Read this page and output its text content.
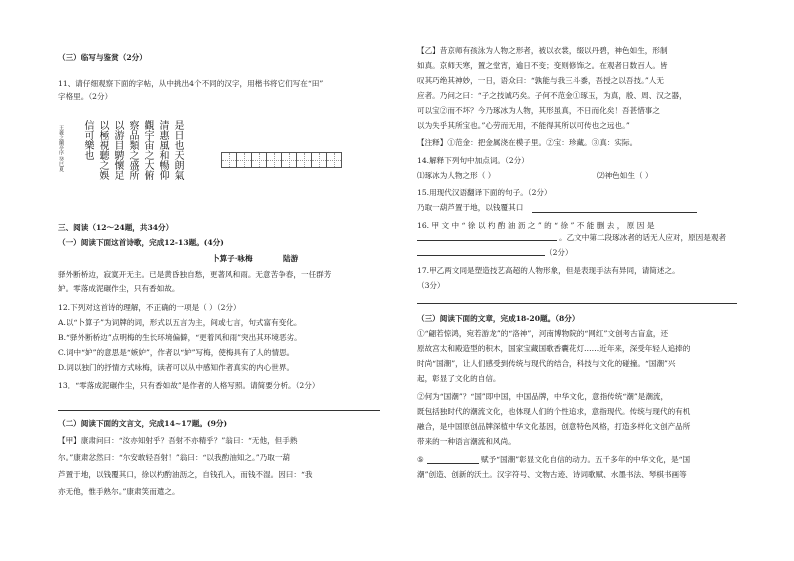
（三）临写与鉴赏（2分）
11、请仔细观察下面的字帖，从中挑出4个不同的汉字，用楷书将它们写在“田”
字格里。（2分）
是日也天朗氣
清惠風和暢仰
觀宇宙之大俯
察品類之盛所
以游目騁懷足
以極視聽之娛
信可樂也
王羲之蘭亭序 癸巳夏
三、阅读（12～24题，共34分）
（一）阅读下面这首诗歌，完成12-13题。(4分)
卜算子·咏梅	陆游
驿外断桥边，寂寞开无主。已是黄昏独自愁，更著风和雨。无意苦争春，一任群芳
妒。零落成泥碾作尘，只有香如故。
12.下列对这首诗的理解，不正确的一项是（ ）（2分）
A.以“卜算子”为词牌的词，形式以五言为主，间或七言，句式富有变化。
B.“驿外断桥边”点明梅的生长环境偏僻，“更着风和雨”突出其环境恶劣。
C.词中“妒”的意思是“嫉妒”，作者以“妒”写梅，使梅具有了人的情思。
D.词以独门的抒情方式咏梅，读者可以从中感知作者真实的内心世界。
13．“零落成泥碾作尘，只有香如故”是作者的人格写照。请简要分析。（2分）
（二）阅读下面的文言文，完成14~17题。(9分)
【甲】康肃问曰：“汝亦知射乎？吾射不亦精乎？”翁曰：“无他，但手熟
尔。”康肃忿然曰：“尔安敢轻吾射！”翁曰：“以我酌油知之。”乃取一葫
芦置于地，以钱覆其口，徐以杓酌油沥之，自钱孔入，而钱不湿。因曰：“我
亦无他，惟手熟尔。”康肃笑而遣之。
【乙】昔京师有孩泳为人物之形者，被以衣裳，缀以丹碧，神色如生，形制
如真。京师天寒，置之堂宵，逾日不变；变则修饰之。在观者日数百人。皆
叹其巧绝其神妙，一日，语众曰：“孰能与我三斗黍，吾授之以吾技。”人无
应者。乃问之曰：“子之技诚巧矣。子何不范金①琢玉，为真，殷、周、汉之器，
可以宝②而不坏？今乃琢冰为人物，其形虽真，不日而化矣！吾甚惜事之
以为失乎其所宝也。”心劳而无用，不能得其所以可传也之远也。”
【注释】①范金：把金属浇在模子里。②宝：珍藏。③真：实际。
14.解释下列句中加点词。（2分）
⑴琢冰为人物之形（ ）	⑵神色如生（ ）
15.用现代汉语翻译下面的句子。（2分）
乃取一葫芦置于地，以钱覆其口
16. 甲 文 中 “ 徐 以 杓 酌 油 沥 之 ” 的 “ 徐 ” 不 能 删 去 ， 原 因 是
。乙文中第二段琢冰者的话无人应对，原因是观者
（2分）
17.甲乙两文同是塑造技艺高超的人物形象，但是表现手法有异同，请简述之。
（3分）
（三）阅读下面的文章，完成18-20题。（8分）
①“翩若惊鸿，宛若游龙”的“洛神”，河南博物院的“网红”文创考古盲盒，还
原故宫太和殿造型的积木，国家宝藏国歌香囊花灯……近年来，深受年轻人追捧的
时尚“国潮”，让人们感受到传统与现代的结合，科技与文化的碰撞。“国潮”兴
起，彰显了文化的自信。
②何为“国潮”？“国”即中国，中国品牌，中华文化，意指传统“潮”是潮流，
既包括独时代的潮流文化，也体现人们的个性追求，意指现代。传统与现代的有机
融合，是中国原创品牌深植中华文化基因，创意特色风格，打造多样化文创产品所
带来的一种语言潮流和风尚。
⑤	赋予“国潮”彰显文化自信的动力。五千多年的中华文化，是“国
潮”创造、创新的沃土。汉字符号、文物古迹、诗词歌赋、水墨书法、琴棋书画等
